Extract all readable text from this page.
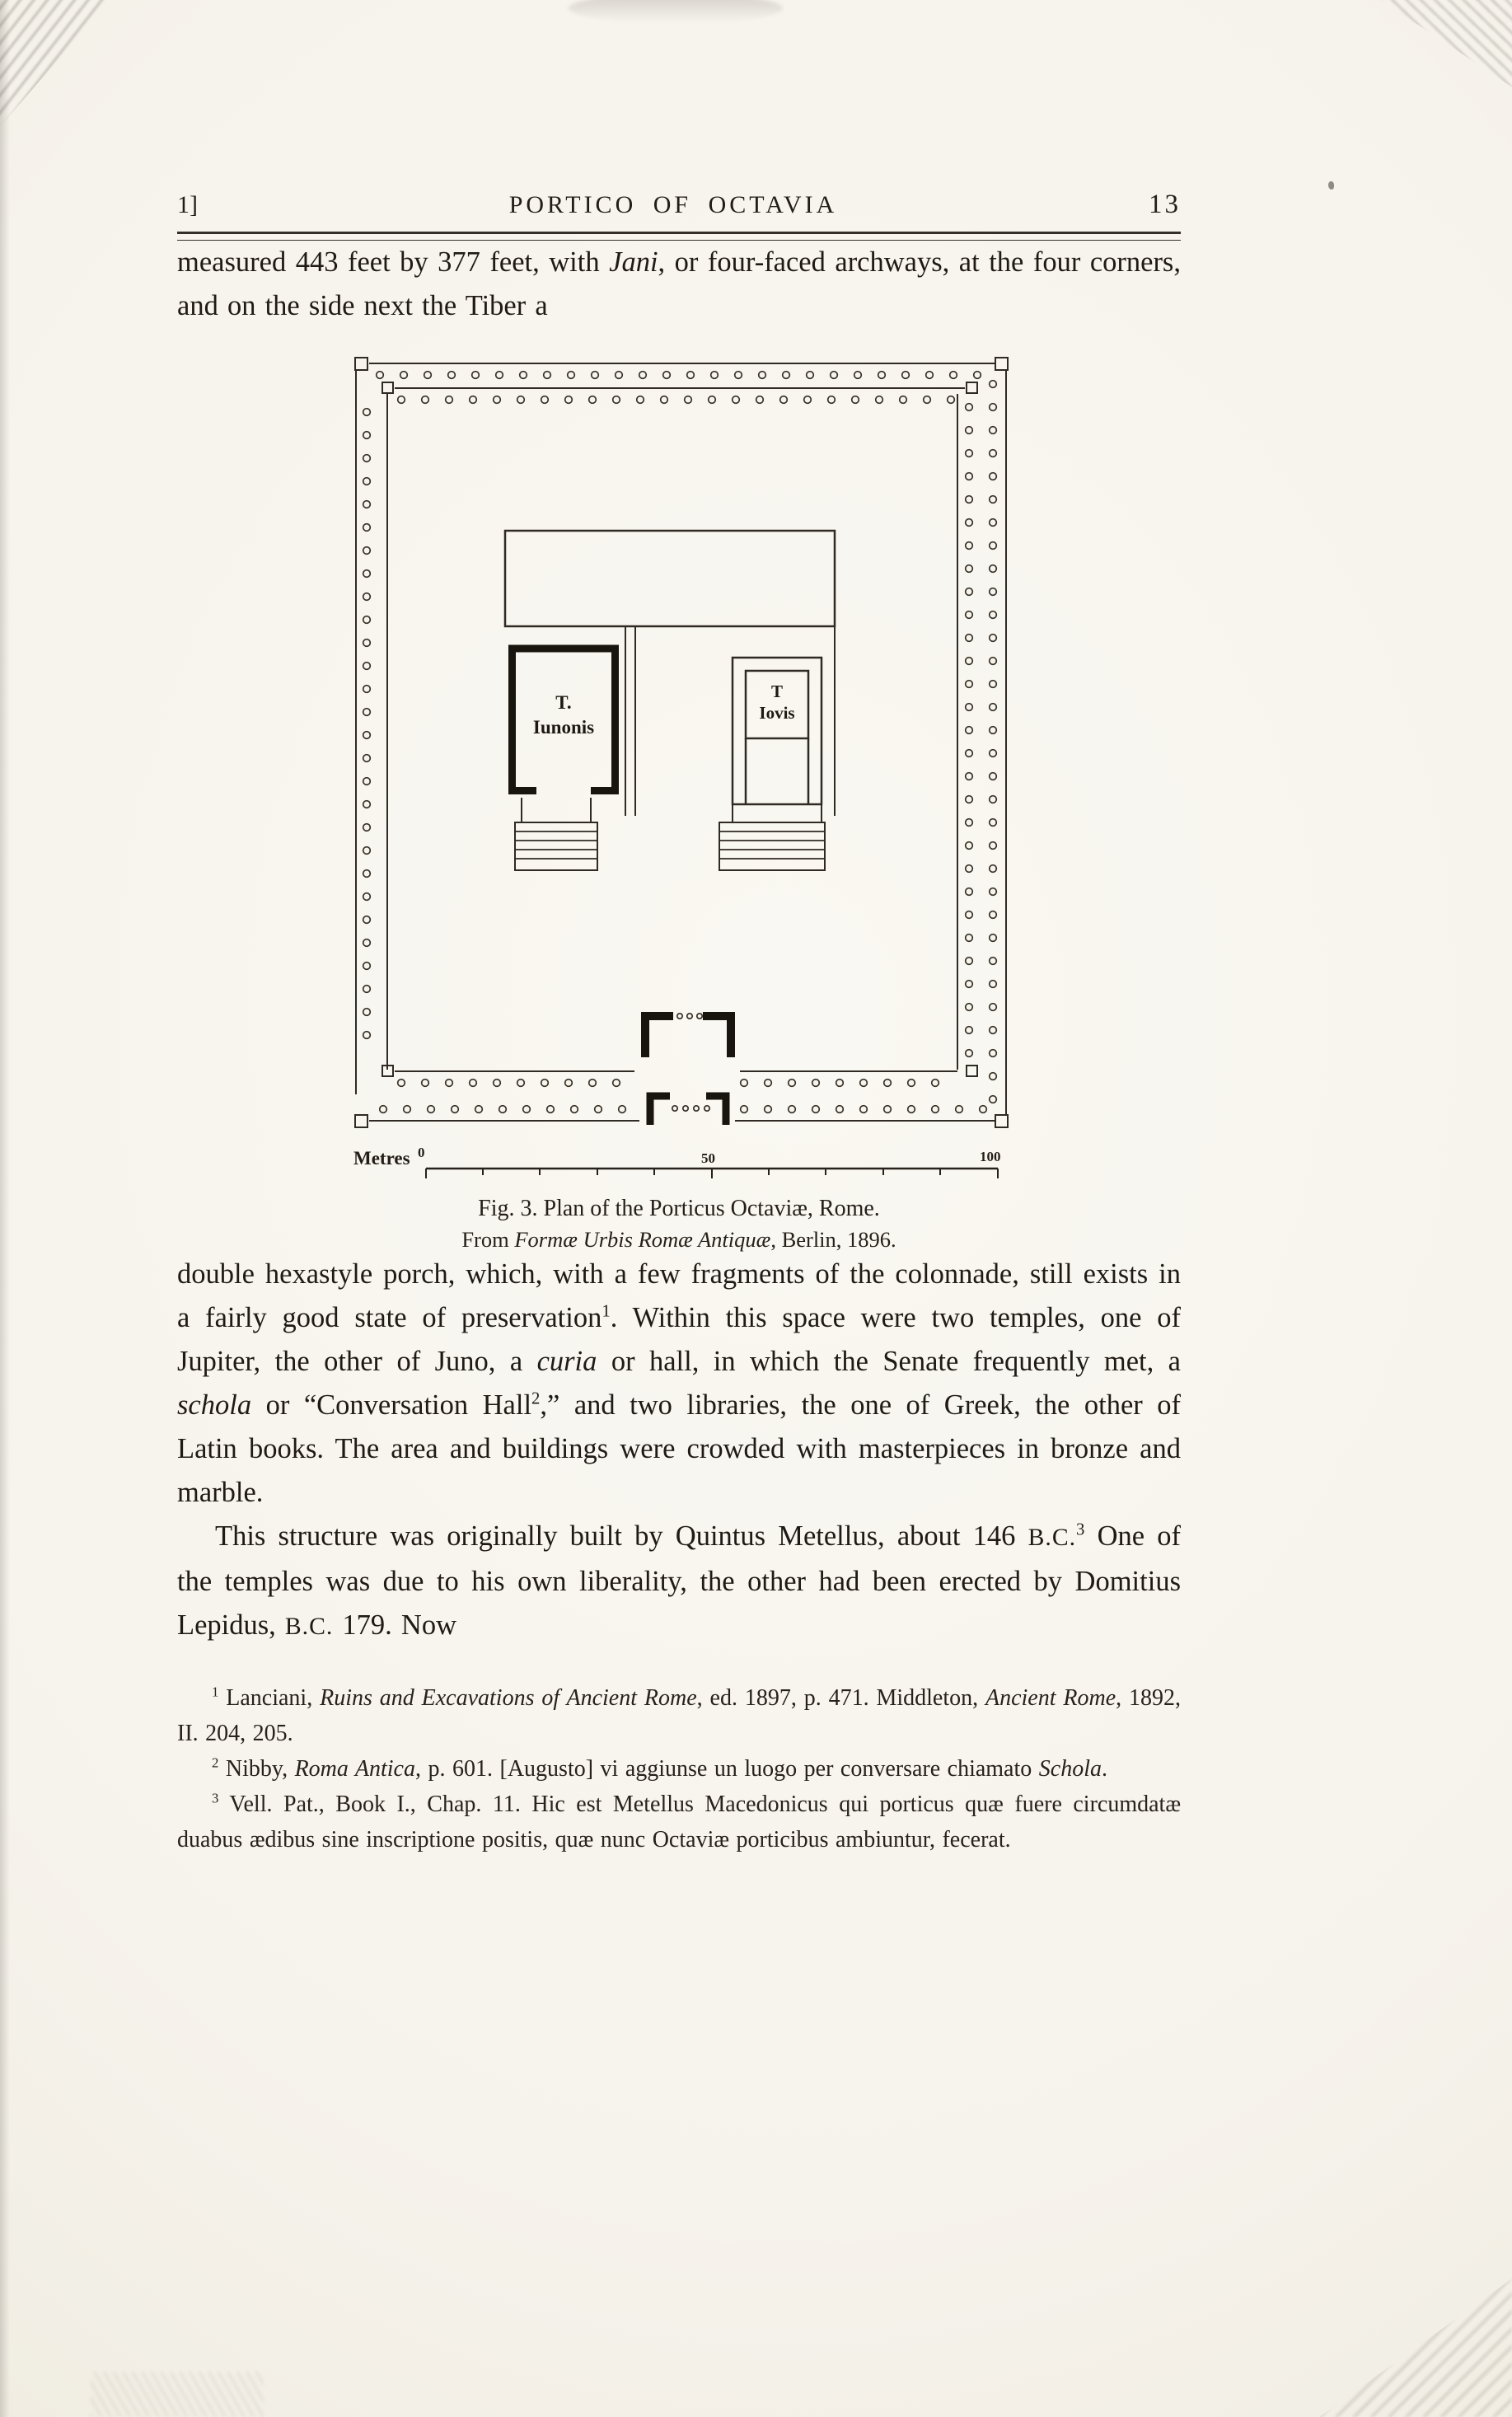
1]	PORTICO OF OCTAVIA	13

measured 443 feet by 377 feet, with Jani, or four-faced archways, at the four corners, and on the side next the Tiber a

Metres 0	50	100
T.
Iunonis
T
Iovis
Fig. 3. Plan of the Porticus Octaviæ, Rome.
From Formæ Urbis Romæ Antiquæ, Berlin, 1896.

double hexastyle porch, which, with a few fragments of the colonnade, still exists in a fairly good state of preservation$^1$. Within this space were two temples, one of Jupiter, the other of Juno, a curia or hall, in which the Senate frequently met, a schola or “Conversation Hall$^2$,” and two libraries, the one of Greek, the other of Latin books. The area and buildings were crowded with masterpieces in bronze and marble.

This structure was originally built by Quintus Metellus, about 146 B.C.$^3$ One of the temples was due to his own liberality, the other had been erected by Domitius Lepidus, B.C. 179. Now

$^1$ Lanciani, Ruins and Excavations of Ancient Rome, ed. 1897, p. 471. Middleton, Ancient Rome, 1892, II. 204, 205.

$^2$ Nibby, Roma Antica, p. 601. [Augusto] vi aggiunse un luogo per conversare chiamato Schola.

$^3$ Vell. Pat., Book I., Chap. 11. Hic est Metellus Macedonicus qui porticus quæ fuere circumdatæ duabus ædibus sine inscriptione positis, quæ nunc Octaviæ porticibus ambiuntur, fecerat.
